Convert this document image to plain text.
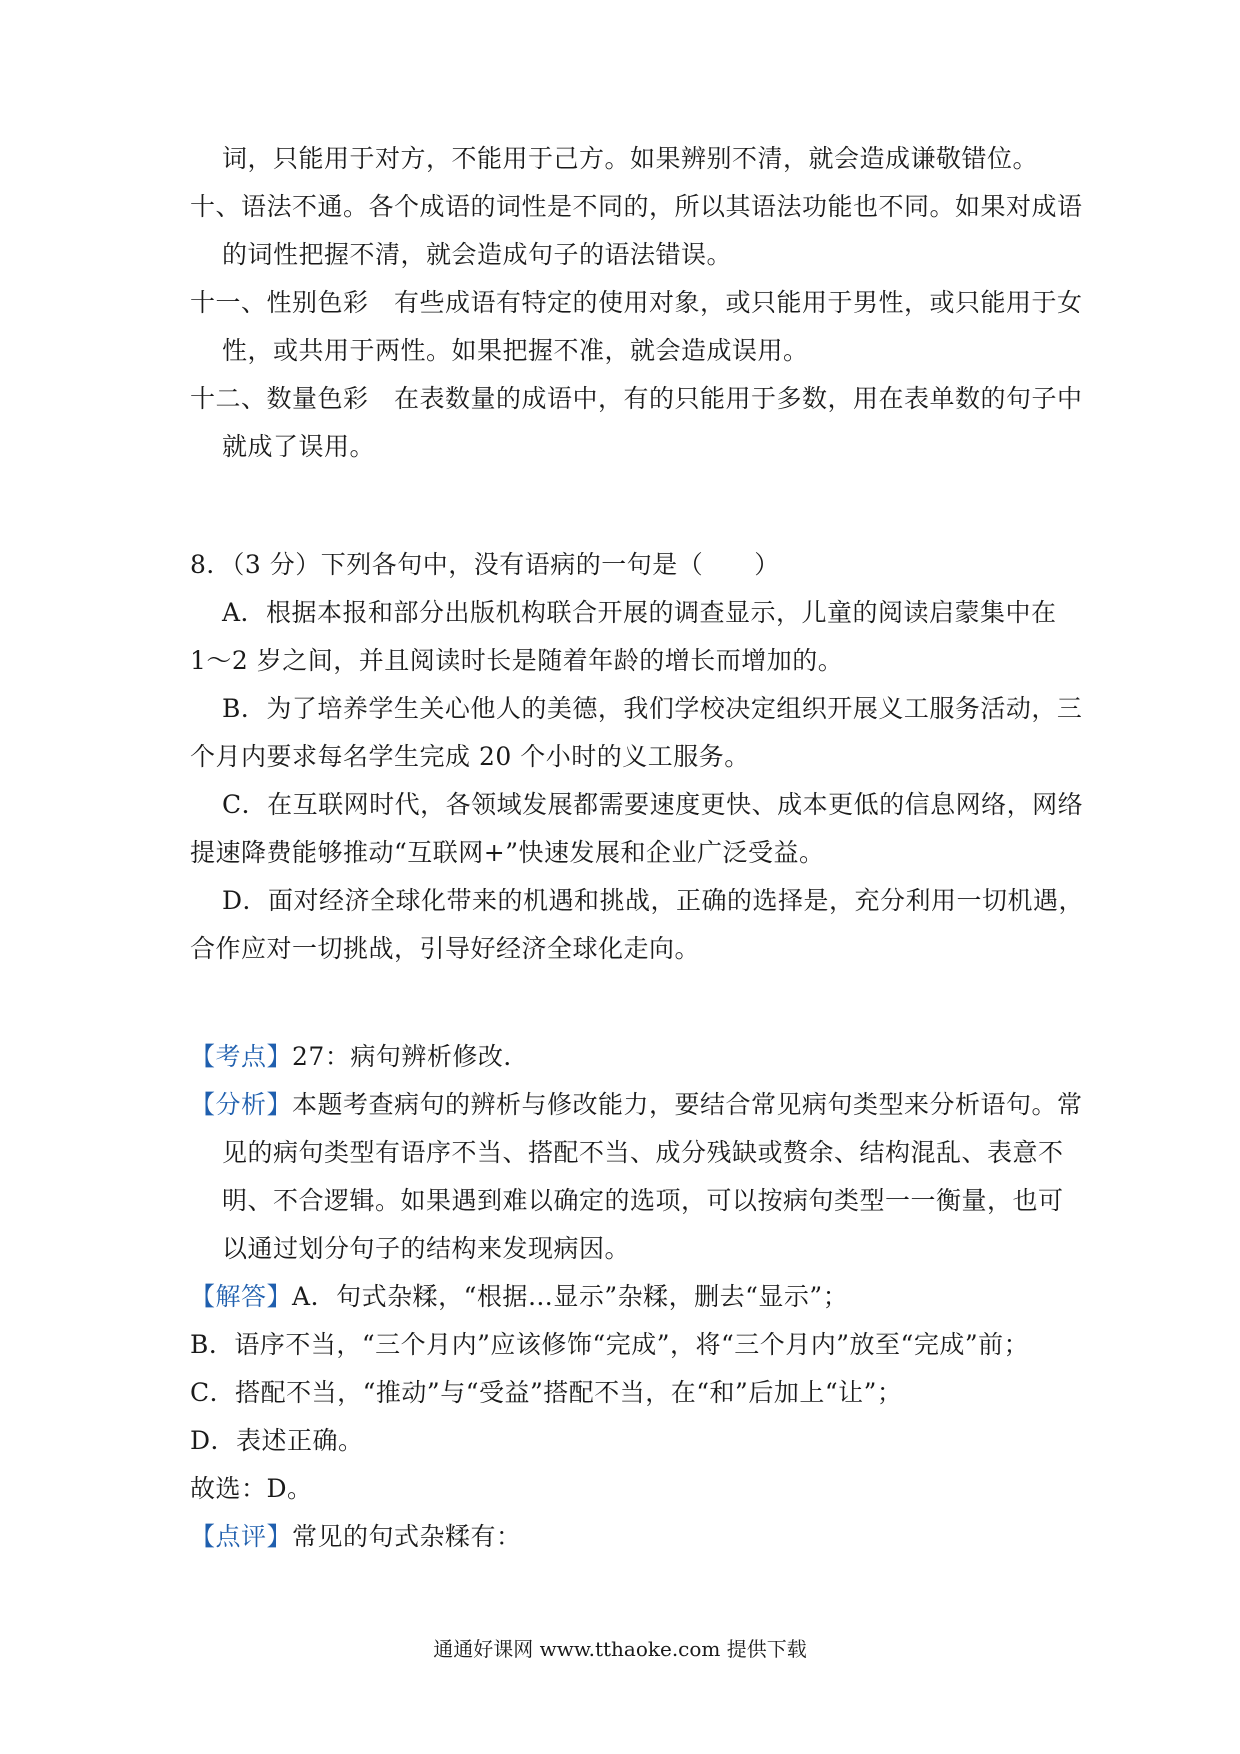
词，只能用于对方，不能用于己方。如果辨别不清，就会造成谦敬错位。
十、语法不通。各个成语的词性是不同的，所以其语法功能也不同。如果对成语
的词性把握不清，就会造成句子的语法错误。
十一、性别色彩　有些成语有特定的使用对象，或只能用于男性，或只能用于女
性，或共用于两性。如果把握不准，就会造成误用。
十二、数量色彩　在表数量的成语中，有的只能用于多数，用在表单数的句子中
就成了误用。
8．（3 分）下列各句中，没有语病的一句是（　　）
A．根据本报和部分出版机构联合开展的调查显示，儿童的阅读启蒙集中在
1～2 岁之间，并且阅读时长是随着年龄的增长而增加的。
B．为了培养学生关心他人的美德，我们学校决定组织开展义工服务活动，三
个月内要求每名学生完成 20 个小时的义工服务。
C．在互联网时代，各领域发展都需要速度更快、成本更低的信息网络，网络
提速降费能够推动“互联网+”快速发展和企业广泛受益。
D．面对经济全球化带来的机遇和挑战，正确的选择是，充分利用一切机遇，
合作应对一切挑战，引导好经济全球化走向。
【考点】27：病句辨析修改．
【分析】本题考查病句的辨析与修改能力，要结合常见病句类型来分析语句。常
见的病句类型有语序不当、搭配不当、成分残缺或赘余、结构混乱、表意不
明、不合逻辑。如果遇到难以确定的选项，可以按病句类型一一衡量，也可
以通过划分句子的结构来发现病因。
【解答】A．句式杂糅，“根据…显示”杂糅，删去“显示”；
B．语序不当，“三个月内”应该修饰“完成”，将“三个月内”放至“完成”前；
C．搭配不当，“推动”与“受益”搭配不当，在“和”后加上“让”；
D．表述正确。
故选：D。
【点评】常见的句式杂糅有：
通通好课网 www.tthaoke.com 提供下载
